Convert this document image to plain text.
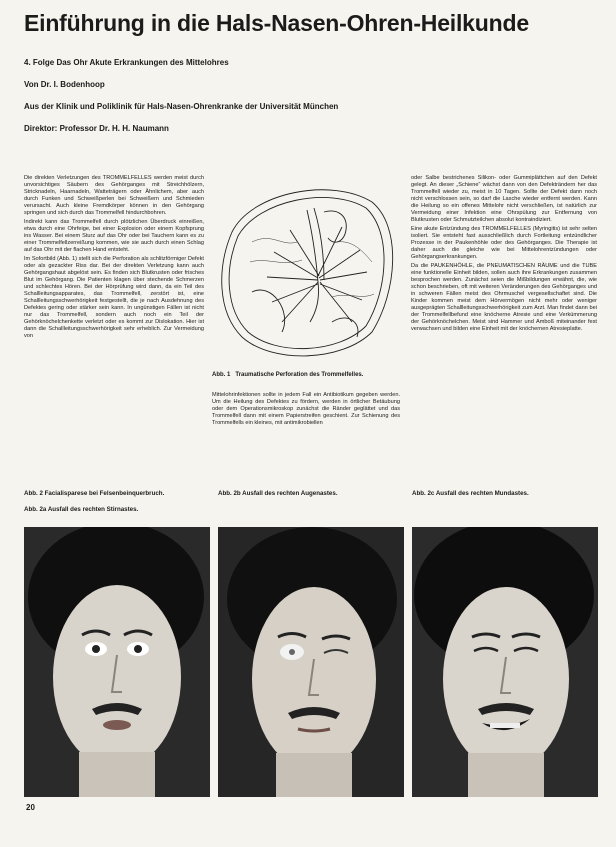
Einführung in die Hals-Nasen-Ohren-Heilkunde
4. Folge Das Ohr Akute Erkrankungen des Mittelohres
Von Dr. I. Bodenhoop
Aus der Klinik und Poliklinik für Hals-Nasen-Ohrenkranke der Universität München
Direktor: Professor Dr. H. H. Naumann

Die direkten Verletzungen des TROMMELFELLES werden meist durch unvorsichtiges Säubern des Gehörganges mit Streichhölzern, Stricknadeln, Haarnadeln, Watteträgern oder Ähnlichem, aber auch durch Funken und Schweißperlen bei Schweißern und Schmieden verursacht. Auch kleine Fremdkörper können in den Gehörgang springen und sich durch das Trommelfell hindurchbohren.

Indirekt kann das Trommelfell durch plötzlichen Überdruck einreißen, etwa durch eine Ohrfeige, bei einer Explosion oder einem Kopfsprung ins Wasser. Bei einem Sturz auf das Ohr oder bei Tauchern kann es zu einer Trommelfellzerreißung kommen, wie sie auch durch einen Schlag auf das Ohr mit der flachen Hand entsteht.

Im Sofortbild (Abb. 1) stellt sich die Perforation als schlitzförmiger Defekt oder als gezackter Riss dar. Bei der direkten Verletzung kann auch Gehörgangshaut abgelöst sein. Es finden sich Blutkrusten oder frisches Blut im Gehörgang. Die Patienten klagen über stechende Schmerzen und schlechtes Hören. Bei der Hörprüfung wird dann, da ein Teil des Schallleitungsapparates, das Trommelfell, zerstört ist, eine Schallleitungsschwerhörigkeit festgestellt, die je nach Ausdehnung des Defektes gering oder stärker sein kann. In ungünstigen Fällen ist nicht nur das Trommelfell, sondern auch noch ein Teil der Gehörknöchelchenkette verletzt oder es kommt zur Dislokation. Hier ist dann die Schallleitungsschwerhörigkeit sehr erheblich. Zur Vermeidung von

Abb. 1 Traumatische Perforation des Trommelfelles.

Mittelohrinfektionen sollte in jedem Fall ein Antibiotikum gegeben werden. Um die Heilung des Defektes zu fördern, werden in örtlicher Betäubung oder dem Operationsmikroskop zunächst die Ränder geglättet und das Trommelfell dann mit einem Papierstreifen geschient. Zur Schienung des Trommelfells ein kleines, mit antimikrobiellen

oder Salbe bestrichenes Silikon- oder Gummiplättchen auf den Defekt gelegt. An dieser „Schiene“ wächst dann von den Defekträndern her das Trommelfell wieder zu, meist in 10 Tagen. Sollte der Defekt dann noch nicht verschlossen sein, so darf die Lasche wieder entfernt werden. Kann die Heilung so ein offenes Mittelohr nicht verschließen, ist natürlich zur Vermeidung einer Infektion eine Ohrspülung zur Entfernung von Blutkrusten oder Schmutzteilchen absolut kontraindiziert.

Eine akute Entzündung des TROMMELFELLES (Myringitis) ist sehr selten isoliert. Sie entsteht fast ausschließlich durch Fortleitung entzündlicher Prozesse in der Paukenhöhle oder des Gehörganges. Die Therapie ist daher auch die gleiche wie bei Mittelohrentzündungen oder Gehörgangserkrankungen.

Da die PAUKENHÖHLE, die PNEUMATISCHEN RÄUME und die TUBE eine funktionelle Einheit bilden, sollen auch ihre Erkrankungen zusammen besprochen werden. Zunächst seien die Mißbildungen erwähnt, die, wie schon beschrieben, oft mit weiteren Veränderungen des Gehörganges und in schweren Fällen meist des Ohrmuschel vergesellschaftet sind. Die Kinder kommen meist dem Hörvermögen nicht mehr oder weniger ausgeprägten Schallleitungsschwerhörigkeit zum Arzt. Man findet dann bei der Trommelfellbefund eine knöcherne Atresie und eine Verkümmerung der Gehörknöchelchen. Meist sind Hammer und Amboß miteinander fest verwachsen und bilden eine Einheit mit der knöchernen Atresieplatte.

Abb. 2 Facialisparese bei Felsenbeinquerbruch.
Abb. 2a Ausfall des rechten Stirnastes.
Abb. 2b Ausfall des rechten Augenastes.	Abb. 2c Ausfall des rechten Mundastes.
20
